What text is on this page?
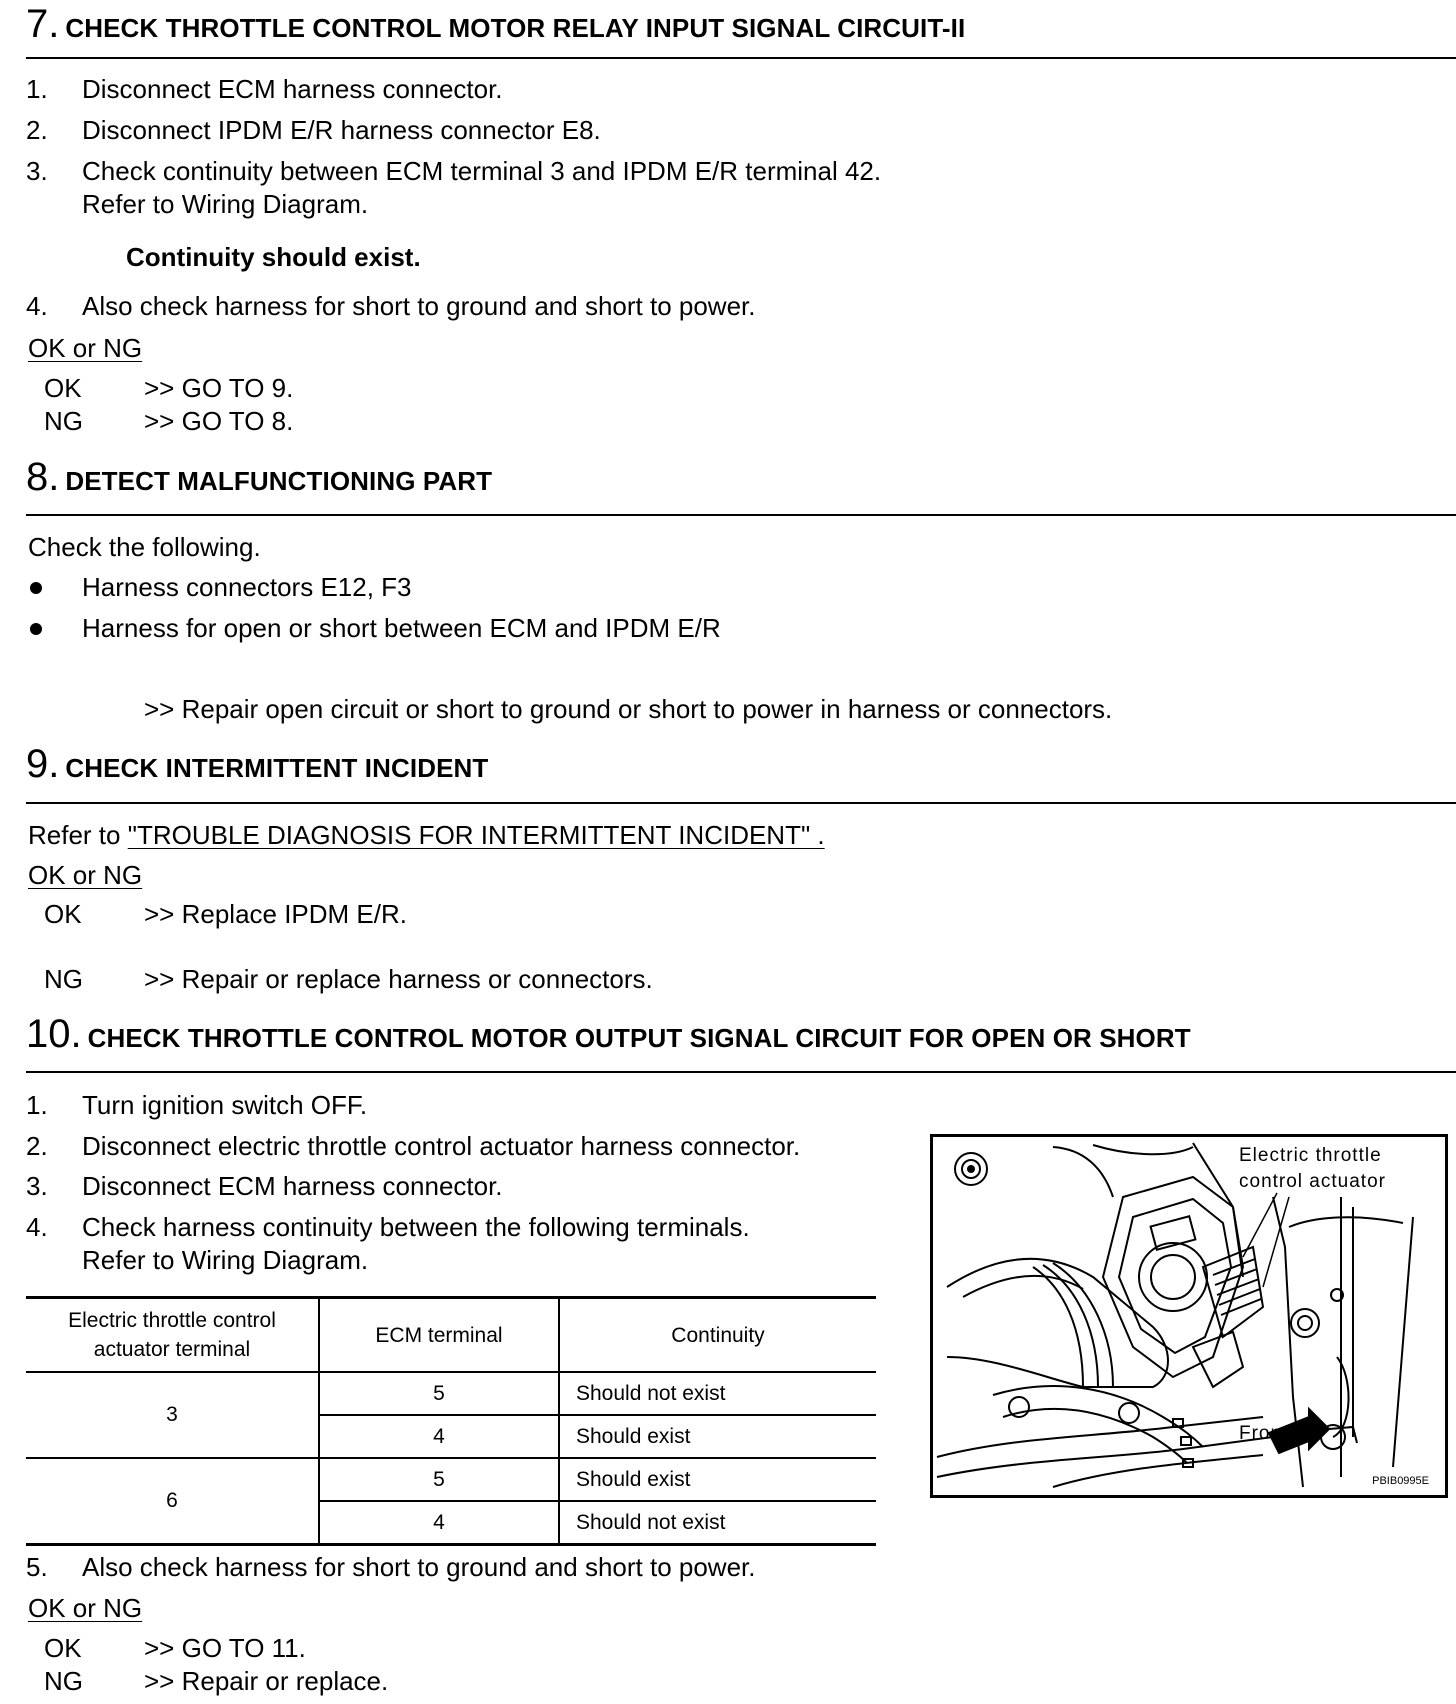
7. CHECK THROTTLE CONTROL MOTOR RELAY INPUT SIGNAL CIRCUIT-II
1.	Disconnect ECM harness connector.
2.	Disconnect IPDM E/R harness connector E8.
3.	Check continuity between ECM terminal 3 and IPDM E/R terminal 42.
Refer to Wiring Diagram.
Continuity should exist.
4.	Also check harness for short to ground and short to power.
OK or NG
OK >> GO TO 9.
NG >> GO TO 8.
8. DETECT MALFUNCTIONING PART
Check the following.
Harness connectors E12, F3
Harness for open or short between ECM and IPDM E/R
>> Repair open circuit or short to ground or short to power in harness or connectors.
9. CHECK INTERMITTENT INCIDENT
Refer to "TROUBLE DIAGNOSIS FOR INTERMITTENT INCIDENT" .
OK or NG
OK >> Replace IPDM E/R.
NG >> Repair or replace harness or connectors.
10. CHECK THROTTLE CONTROL MOTOR OUTPUT SIGNAL CIRCUIT FOR OPEN OR SHORT
1.	Turn ignition switch OFF.
2.	Disconnect electric throttle control actuator harness connector.
3.	Disconnect ECM harness connector.
4.	Check harness continuity between the following terminals.
Refer to Wiring Diagram.
Electric throttle control
actuator terminal	ECM terminal	Continuity
3	5	Should not exist
	4	Should exist
6	5	Should exist
	4	Should not exist
5.	Also check harness for short to ground and short to power.
OK or NG
OK >> GO TO 11.
NG >> Repair or replace.
Electric throttle
control actuator
Front
PBIB0995E
